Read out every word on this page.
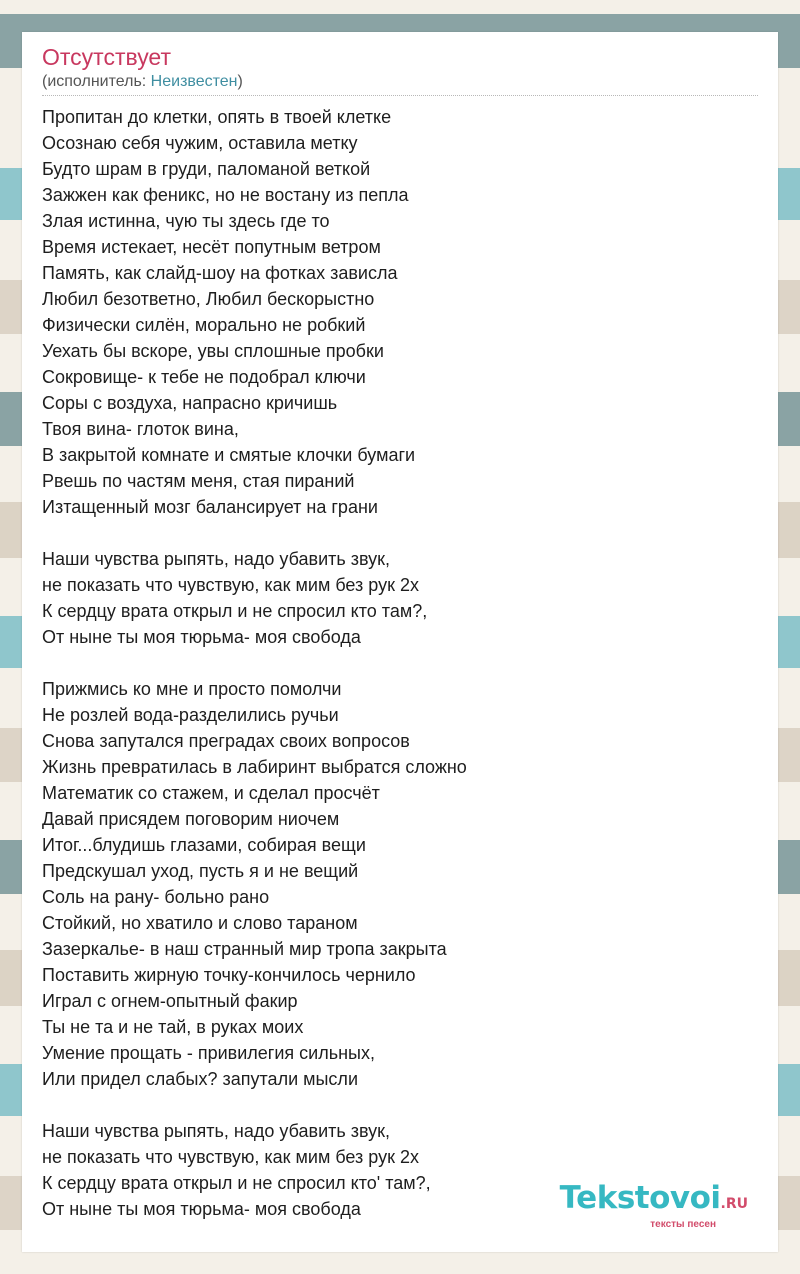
Отсутствует
(исполнитель: Неизвестен)
Пропитан до клетки, опять в твоей клетке
Осознаю себя чужим, оставила метку
Будто шрам в груди, паломаной веткой
Зажжен как феникс, но не востану из пепла
Злая истинна, чую ты здесь где то
Время истекает, несёт попутным ветром
Память, как слайд-шоу на фотках зависла
Любил безответно, Любил бескорыстно
Физически силён, морально не робкий
Уехать бы вскоре, увы сплошные пробки
Сокровище- к тебе не подобрал ключи
Соры с воздуха, напрасно кричишь
Твоя вина- глоток вина,
В закрытой комнате и смятые клочки бумаги
Рвешь по частям меня, стая пираний
Изтащенный мозг балансирует на грани
Наши чувства рыпять, надо убавить звук,
не показать что чувствую, как мим без рук 2х
К сердцу врата открыл и не спросил кто там?,
От ныне ты моя тюрьма- моя свобода
Прижмись ко мне и просто помолчи
Не розлей вода-разделились ручьи
Снова запутался преградах своих вопросов
Жизнь превратилась в лабиринт выбратся сложно
Математик со стажем, и сделал просчёт
Давай присядем поговорим ниочем
Итог...блудишь глазами, собирая вещи
Предскушал уход, пусть я и не вещий
Соль на рану- больно рано
Стойкий, но хватило и слово тараном
Зазеркалье- в наш странный мир тропа закрыта
Поставить жирную точку-кончилось чернило
Играл с огнем-опытный факир
Ты не та и не тай, в руках моих
Умение прощать - привилегия сильных,
Или придел слабых? запутали мысли
Наши чувства рыпять, надо убавить звук,
не показать что чувствую, как мим без рук 2х
К сердцу врата открыл и не спросил кто' там?,
От ныне ты моя тюрьма- моя свобода	Tekstovoi.RU
тексты песен
